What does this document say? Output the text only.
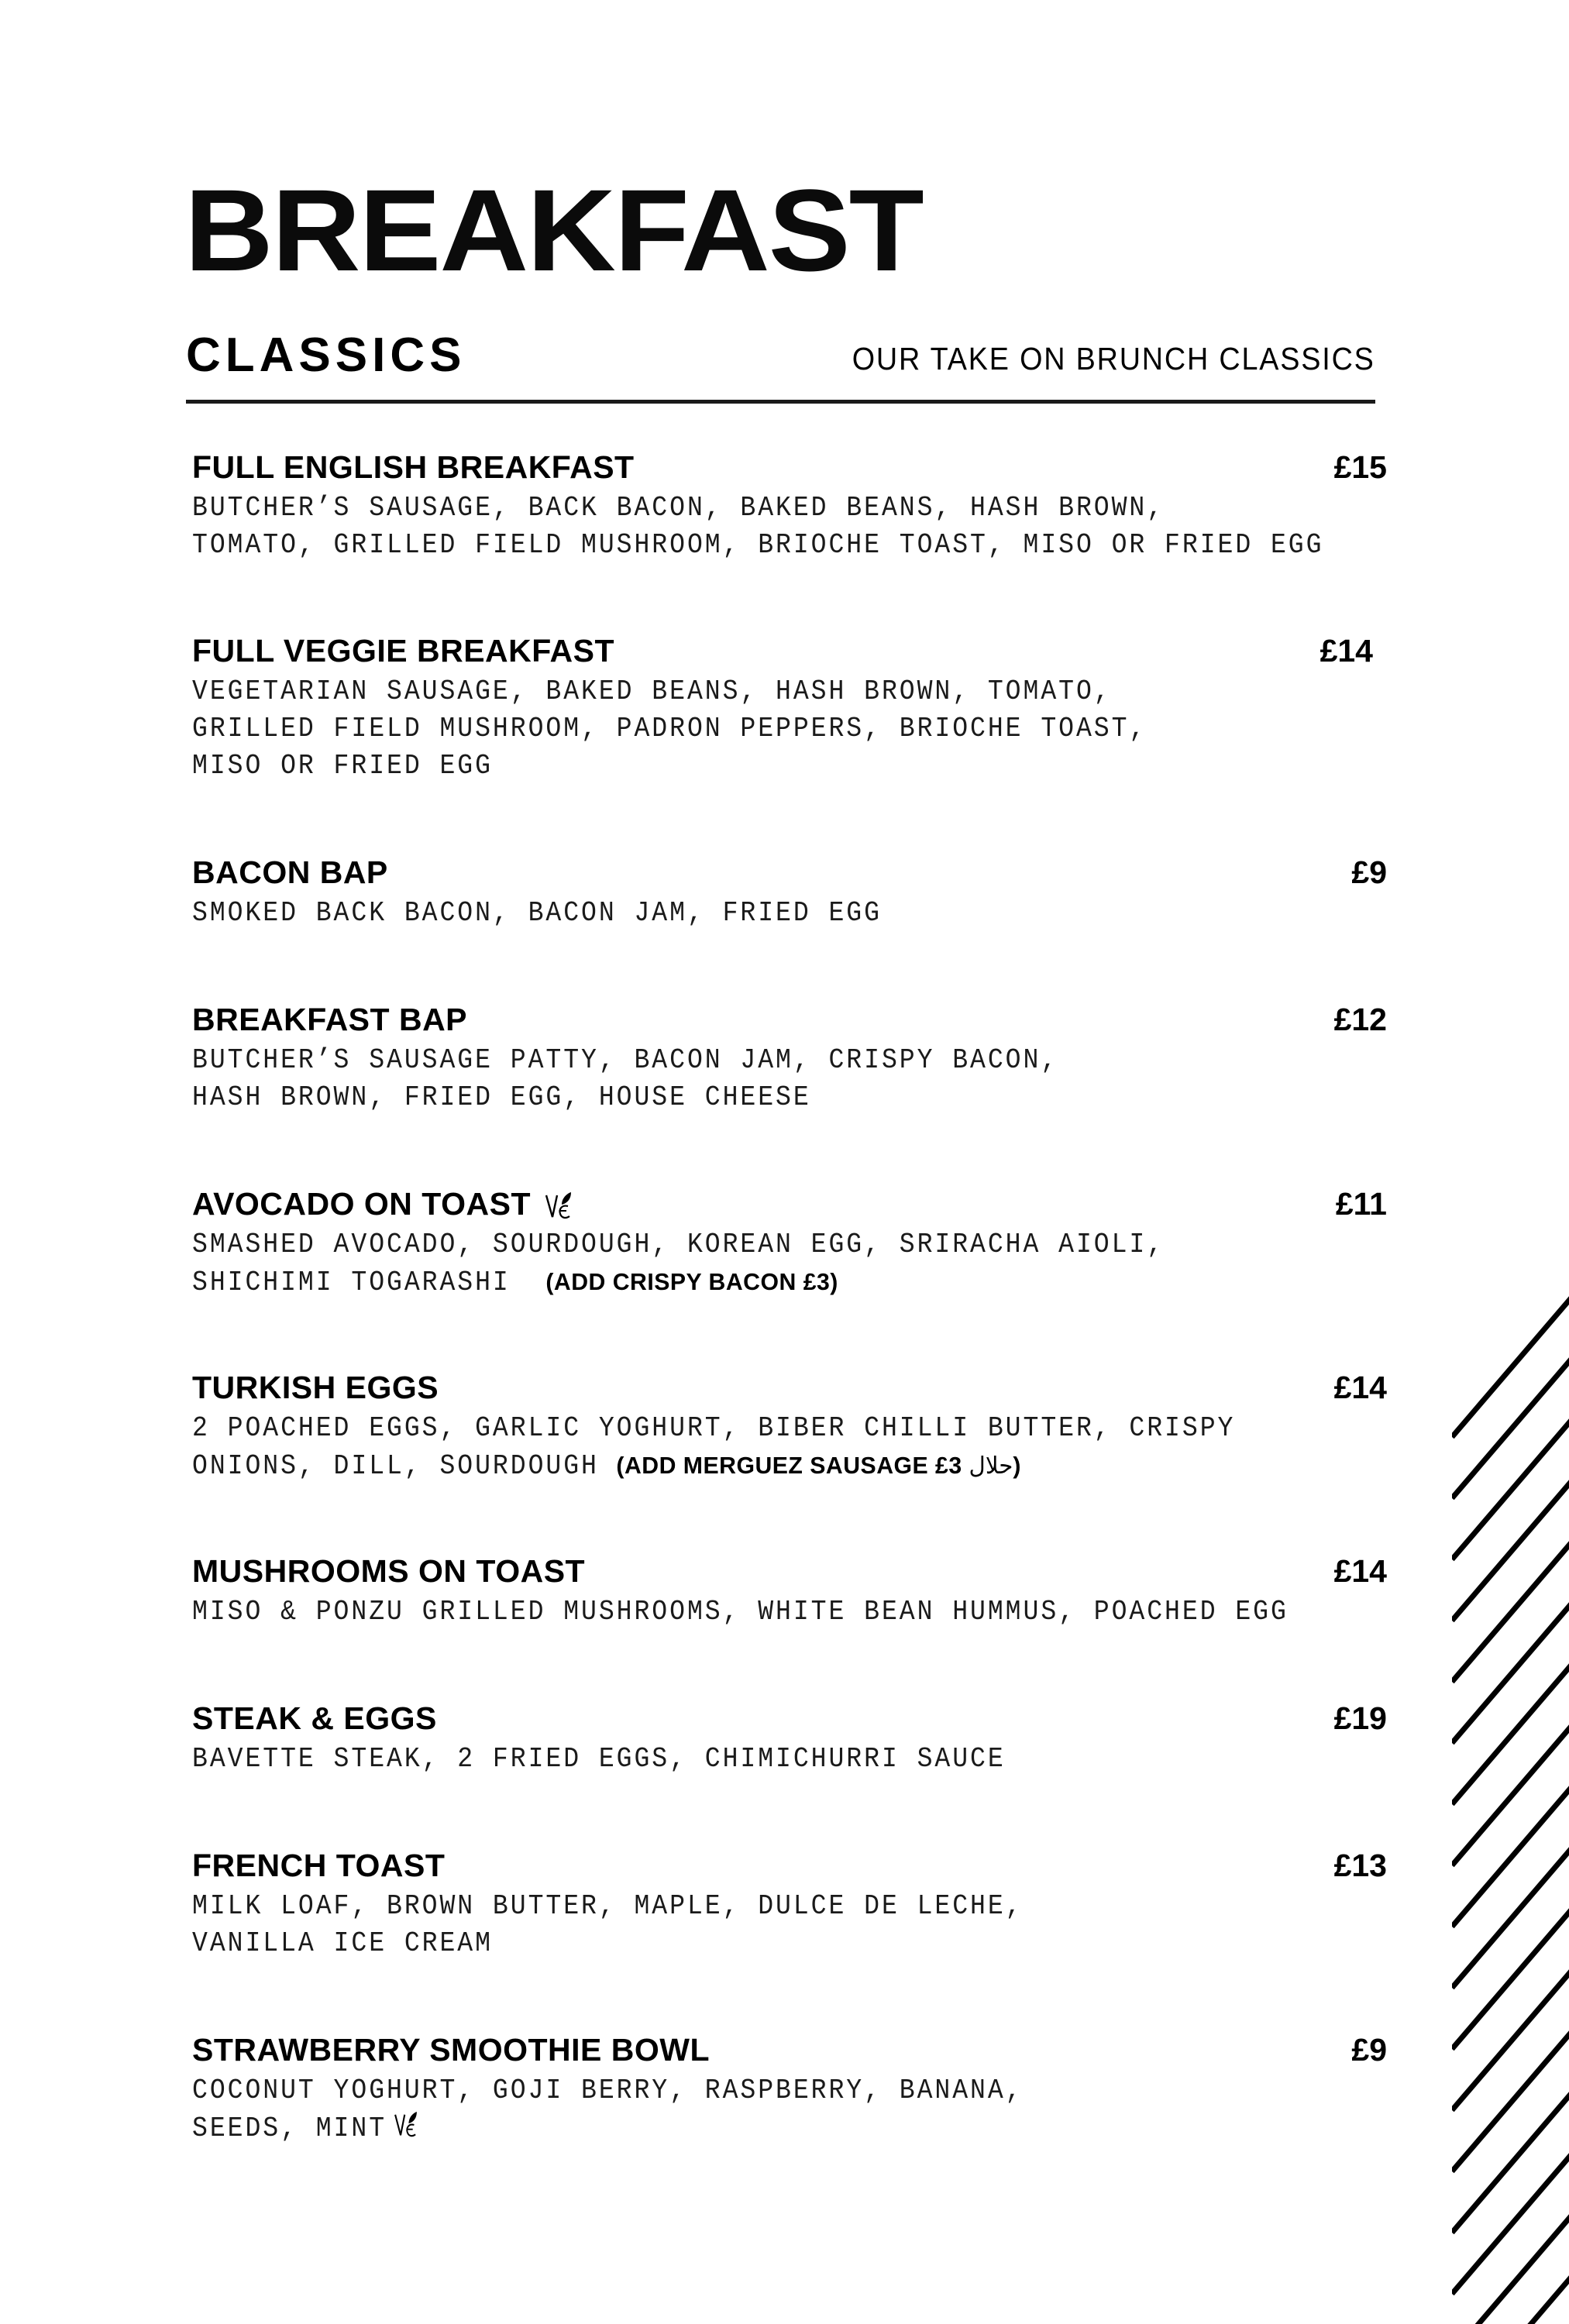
BREAKFAST
CLASSICS	OUR TAKE ON BRUNCH CLASSICS
FULL ENGLISH BREAKFAST	£15
BUTCHER’S SAUSAGE, BACK BACON, BAKED BEANS, HASH BROWN,
TOMATO, GRILLED FIELD MUSHROOM, BRIOCHE TOAST, MISO OR FRIED EGG
FULL VEGGIE BREAKFAST	£14
VEGETARIAN SAUSAGE, BAKED BEANS, HASH BROWN, TOMATO,
GRILLED FIELD MUSHROOM, PADRON PEPPERS, BRIOCHE TOAST,
MISO OR FRIED EGG
BACON BAP	£9
SMOKED BACK BACON, BACON JAM, FRIED EGG
BREAKFAST BAP	£12
BUTCHER’S SAUSAGE PATTY, BACON JAM, CRISPY BACON,
HASH BROWN, FRIED EGG, HOUSE CHEESE
AVOCADO ON TOAST	£11
SMASHED AVOCADO, SOURDOUGH, KOREAN EGG, SRIRACHA AIOLI,
SHICHIMI TOGARASHI (ADD CRISPY BACON £3)
TURKISH EGGS	£14
2 POACHED EGGS, GARLIC YOGHURT, BIBER CHILLI BUTTER, CRISPY
ONIONS, DILL, SOURDOUGH (ADD MERGUEZ SAUSAGE £3 حلال)
MUSHROOMS ON TOAST	£14
MISO & PONZU GRILLED MUSHROOMS, WHITE BEAN HUMMUS, POACHED EGG
STEAK & EGGS	£19
BAVETTE STEAK, 2 FRIED EGGS, CHIMICHURRI SAUCE
FRENCH TOAST	£13
MILK LOAF, BROWN BUTTER, MAPLE, DULCE DE LECHE,
VANILLA ICE CREAM
STRAWBERRY SMOOTHIE BOWL	£9
COCONUT YOGHURT, GOJI BERRY, RASPBERRY, BANANA,
SEEDS, MINT
